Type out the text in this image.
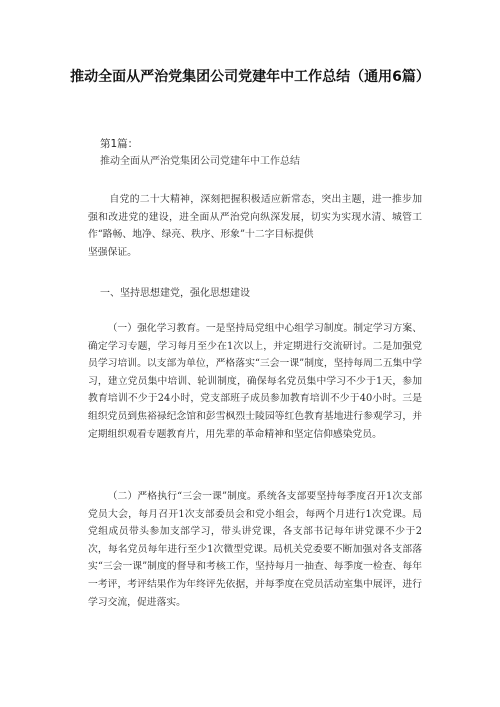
推动全面从严治党集团公司党建年中工作总结（通用6篇）
第1篇：
推动全面从严治党集团公司党建年中工作总结

自党的二十大精神，深刻把握积极适应新常态，突出主题，进一推步加强和改进党的建设，进全面从严治党向纵深发展，切实为实现水清、城管工作“路畅、地净、绿亮、秩序、形象”十二字目标提供
坚强保证。

一、坚持思想建党，强化思想建设

（一）强化学习教育。一是坚持局党组中心组学习制度。制定学习方案、确定学习专题，学习每月至少在1次以上，并定期进行交流研讨。二是加强党员学习培训。以支部为单位，严格落实“三会一课”制度，坚持每周二五集中学习，建立党员集中培训、轮训制度，确保每名党员集中学习不少于1天，参加教育培训不少于24小时，党支部班子成员参加教育培训不少于40小时。三是组织党员到焦裕禄纪念馆和彭雪枫烈士陵园等红色教育基地进行参观学习，并定期组织观看专题教育片，用先辈的革命精神和坚定信仰感染党员。

（二）严格执行“三会一课”制度。系统各支部要坚持每季度召开1次支部党员大会，每月召开1次支部委员会和党小组会，每两个月进行1次党课。局党组成员带头参加支部学习，带头讲党课，各支部书记每年讲党课不少于2次，每名党员每年进行至少1次微型党课。局机关党委要不断加强对各支部落实“三会一课”制度的督导和考核工作，坚持每月一抽查、每季度一检查、每年一考评，考评结果作为年终评先依据，并每季度在党员活动室集中展评，进行学习交流，促进落实。
